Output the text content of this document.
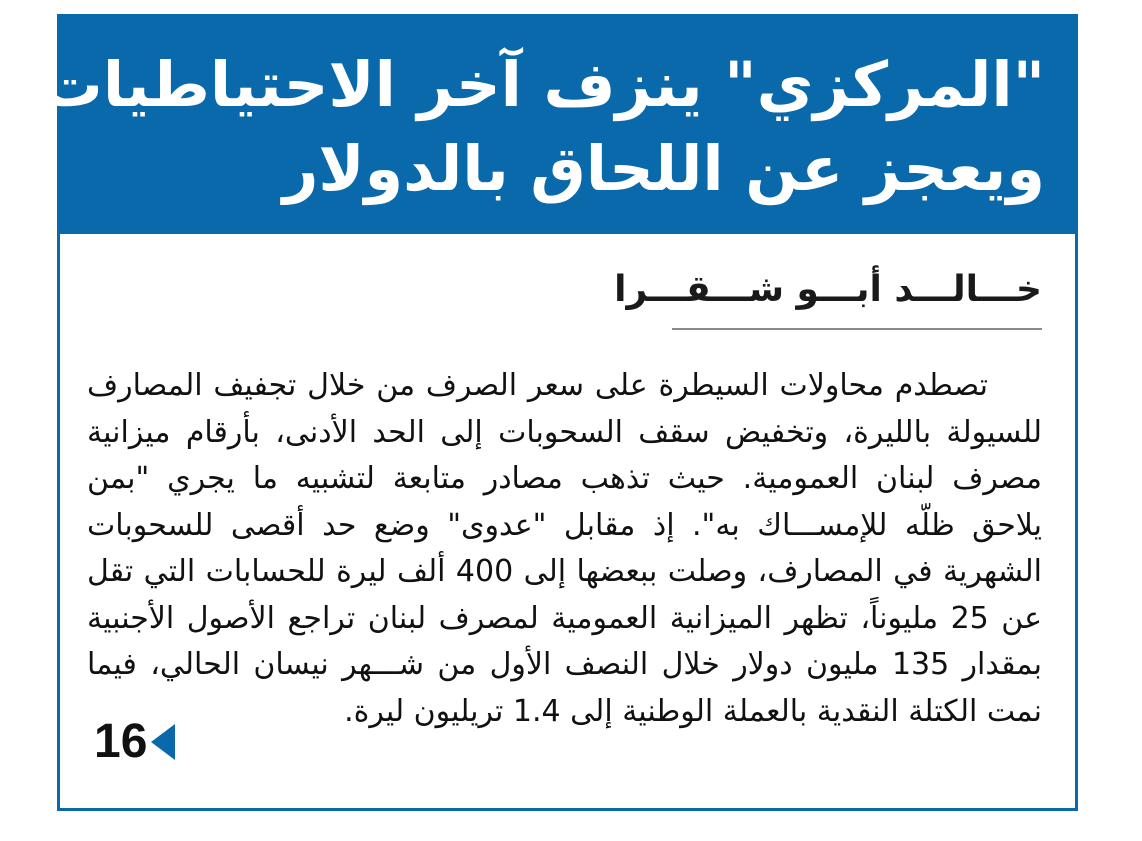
"المركزي" ينزف آخر الاحتياطيات
ويعجز عن اللحاق بالدولار
خـــالـــد أبـــو شـــقـــرا
تصطدم محاولات السيطرة على سعر الصرف من خلال تجفيف المصارف
للسيولة بالليرة، وتخفيض سقف السحوبات إلى الحد الأدنى، بأرقام ميزانية
مصرف لبنان العمومية. حيث تذهب مصادر متابعة لتشبيه ما يجري "بمن
يلاحق ظلّه للإمســـاك به". إذ مقابل "عدوى" وضع حد أقصى للسحوبات
الشهرية في المصارف، وصلت ببعضها إلى 400 ألف ليرة للحسابات التي تقل
عن 25 مليوناً، تظهر الميزانية العمومية لمصرف لبنان تراجع الأصول الأجنبية
بمقدار 135 مليون دولار خلال النصف الأول من شـــهر نيسان الحالي، فيما
نمت الكتلة النقدية بالعملة الوطنية إلى 1.4 تريليون ليرة.
16
